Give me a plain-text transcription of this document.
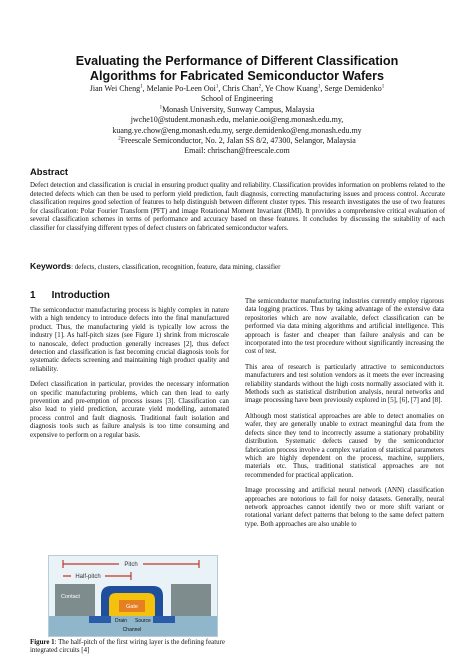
Evaluating the Performance of Different Classification
Algorithms for Fabricated Semiconductor Wafers
Jian Wei Cheng$^1$, Melanie Po-Leen Ooi$^1$, Chris Chan$^2$, Ye Chow Kuang$^1$, Serge Demidenko$^1$
School of Engineering
$^1$Monash University, Sunway Campus, Malaysia
jwche10@student.monash.edu, melanie.ooi@eng.monash.edu.my,
kuang.ye.chow@eng.monash.edu.my, serge.demidenko@eng.monash.edu.my
$^2$Freescale Semiconductor, No. 2, Jalan SS 8/2, 47300, Selangor, Malaysia
Email: chrischan@freescale.com
Abstract
Defect detection and classification is crucial in ensuring product quality and reliability. Classification provides information on problems related to the detected defects which can then be used to perform yield prediction, fault diagnosis, correcting manufacturing issues and process control. Accurate classification requires good selection of features to help distinguish between different cluster types. This research investigates the use of two features for classification: Polar Fourier Transform (PFT) and image Rotational Moment Invariant (RMI). It provides a comprehensive critical evaluation of several classification schemes in terms of performance and accuracy based on these features. It concludes by discussing the suitability of each classifier for classifying different types of defect clusters on fabricated semiconductor wafers.
Keywords: defects, clusters, classification, recognition, feature, data mining, classifier
1 Introduction

The semiconductor manufacturing process is highly complex in nature with a high tendency to introduce defects into the final manufactured product. Thus, the manufacturing yield is typically low across the industry [1]. As half-pitch sizes (see Figure 1) shrink from microscale to nanoscale, defect production generally increases [2], thus defect detection and classification is fast becoming crucial diagnosis tools for systematic defects screening and maintaining high product quality and reliability.

Defect classification in particular, provides the necessary information on specific manufacturing problems, which can then lead to early prevention and pre-emption of process issues [3]. Classification can also lead to yield prediction, accurate yield modelling, automated process control and fault diagnosis. Traditional fault isolation and diagnosis tools such as failure analysis is too time consuming and expensive to perform on a regular basis.

Pitch
Half-pitch
Contact
Gate
Drain Source
Channel
Figure 1: The half-pitch of the first wiring layer is the defining feature integrated circuits [4]

The semiconductor manufacturing industries currently employ rigorous data logging practices. Thus by taking advantage of the extensive data repositories which are now available, defect classification can be performed via data mining algorithms and artificial intelligence. This approach is faster and cheaper than failure analysis and can be incorporated into the test procedure without significantly increasing the cost of test.

This area of research is particularly attractive to semiconductors manufacturers and test solution vendors as it meets the ever increasing reliability standards without the high costs normally associated with it. Methods such as statistical distribution analysis, neural networks and image processing have been previously explored in [5], [6], [7] and [8].

Although most statistical approaches are able to detect anomalies on wafer, they are generally unable to extract meaningful data from the defects since they tend to incorrectly assume a stationary probability distribution. Systematic defects caused by the semiconductor fabrication process involve a complex variation of statistical parameters which are highly dependent on the process, machine, suppliers, materials etc. Thus, traditional statistical approaches are not recommended for practical application.

Image processing and artificial neural network (ANN) classification approaches are notorious to fail for noisy datasets. Generally, neural network approaches cannot identify two or more shift variant or rotational variant defect patterns that belong to the same defect pattern type. Both approaches are also unable to
